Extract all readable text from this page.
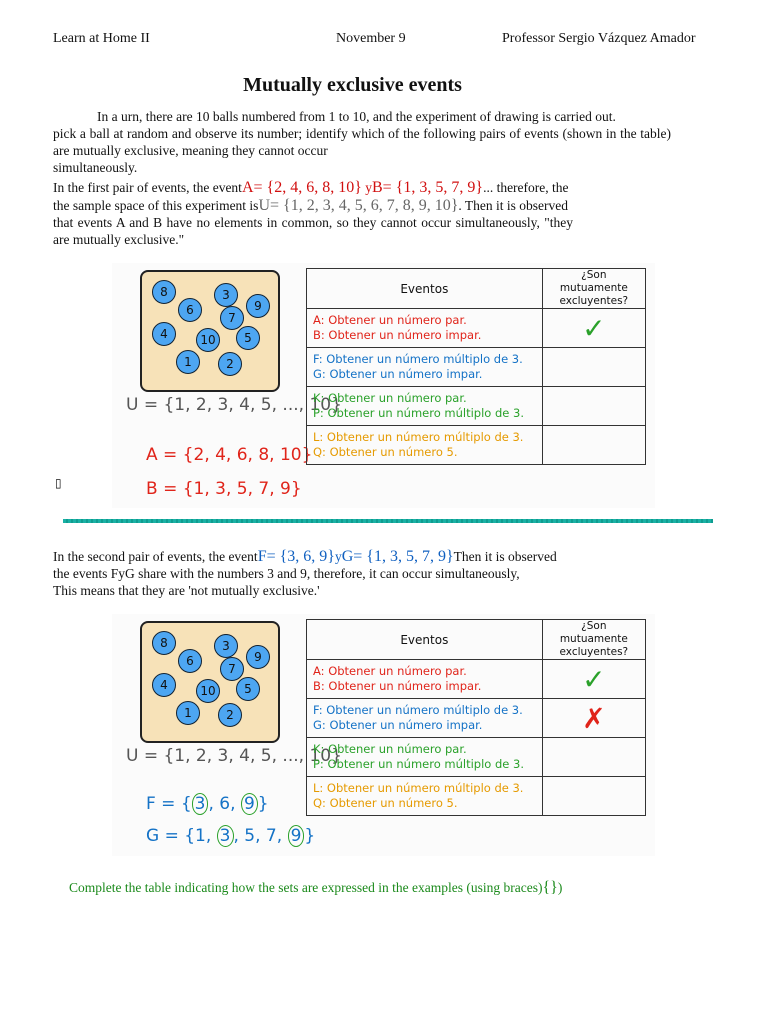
Learn at Home II	November 9	Professor Sergio Vázquez Amador
Mutually exclusive events
In a urn, there are 10 balls numbered from 1 to 10, and the experiment of drawing is carried out.
pick a ball at random and observe its number; identify which of the following pairs of events (shown in the table) are mutually exclusive, meaning they cannot occur
simultaneously.
In the first pair of events, the eventA= {2, 4, 6, 8, 10} yB= {1, 3, 5, 7, 9}... therefore, the
the sample space of this experiment isU= {1, 2, 3, 4, 5, 6, 7, 8, 9, 10}. Then it is observed
that events A and B have no elements in common, so they cannot occur simultaneously, "they are mutually exclusive."
8
6
3
9
7
4	10	5
1	2
U = {1, 2, 3, 4, 5, ..., 10}
A = {2, 4, 6, 8, 10}
B = {1, 3, 5, 7, 9}
Eventos	¿Son mutuamente excluyentes?

A: Obtener un número par.
B: Obtener un número impar.	✓

F: Obtener un número múltiplo de 3.
G: Obtener un número impar.	

K: Obtener un número par.
P: Obtener un número múltiplo de 3.	

L: Obtener un número múltiplo de 3.
Q: Obtener un número 5.	

▯
In the second pair of events, the eventF= {3, 6, 9}yG= {1, 3, 5, 7, 9}Then it is observed
the events FyG share with the numbers 3 and 9, therefore, it can occur simultaneously,
This means that they are 'not mutually exclusive.'
8
6
3
9
7
4	10	5
1	2
U = {1, 2, 3, 4, 5, ..., 10}
F = { 3 , 6, 9 }
G = {1, 3 , 5, 7, 9 }
Eventos	¿Son mutuamente excluyentes?

A: Obtener un número par.
B: Obtener un número impar.	✓

F: Obtener un número múltiplo de 3.
G: Obtener un número impar.	✗

K: Obtener un número par.
P: Obtener un número múltiplo de 3.	

L: Obtener un número múltiplo de 3.
Q: Obtener un número 5.	

Complete the table indicating how the sets are expressed in the examples (using braces){})
